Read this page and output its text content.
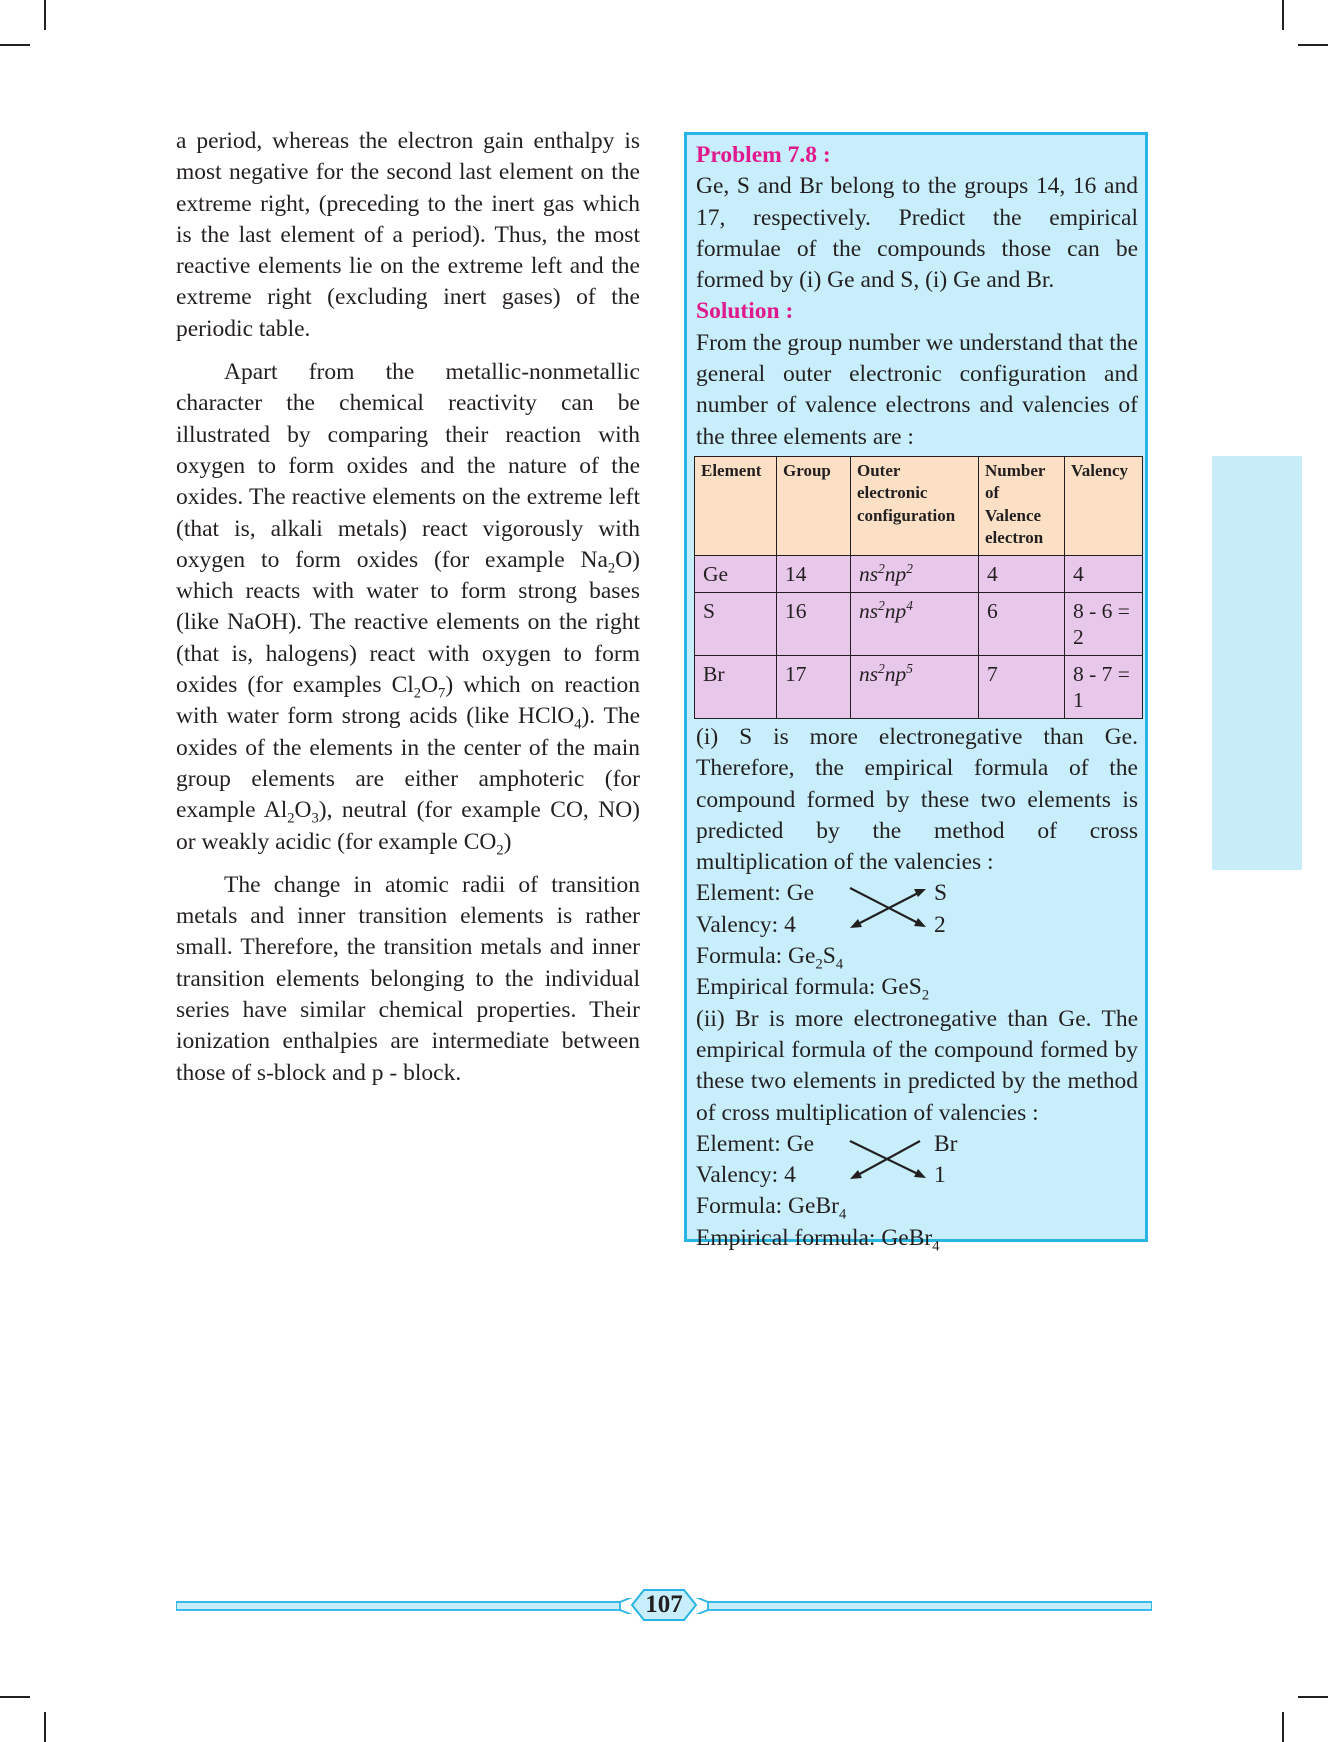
a period, whereas the electron gain enthalpy is most negative for the second last element on the extreme right, (preceding to the inert gas which is the last element of a period). Thus, the most reactive elements lie on the extreme left and the extreme right (excluding inert gases) of the periodic table.

Apart from the metallic-nonmetallic character the chemical reactivity can be illustrated by comparing their reaction with oxygen to form oxides and the nature of the oxides. The reactive elements on the extreme left (that is, alkali metals) react vigorously with oxygen to form oxides (for example $Na_2O$) which reacts with water to form strong bases (like NaOH). The reactive elements on the right (that is, halogens) react with oxygen to form oxides (for examples $Cl_2O_7$) which on reaction with water form strong acids (like HClO$_4$). The oxides of the elements in the center of the main group elements are either amphoteric (for example $Al_2O_3$), neutral (for example CO, NO) or weakly acidic (for example $CO_2$)

The change in atomic radii of transition metals and inner transition elements is rather small. Therefore, the transition metals and inner transition elements belonging to the individual series have similar chemical properties. Their ionization enthalpies are intermediate between those of s-block and p - block.

Problem 7.8 :

Ge, S and Br belong to the groups 14, 16 and 17, respectively. Predict the empirical formulae of the compounds those can be formed by (i) Ge and S, (i) Ge and Br.

Solution :

From the group number we understand that the general outer electronic configuration and number of valence electrons and valencies of the three elements are :

Element	Group	Outer electronic configuration	Number of Valence electron	Valency
Ge	14	$ns^2np^2$	4	4
S	16	$ns^2np^4$	6	8 - 6 = 2
Br	17	$ns^2np^5$	7	8 - 7 = 1

(i) S is more electronegative than Ge. Therefore, the empirical formula of the compound formed by these two elements is predicted by the method of cross multiplication of the valencies :

Element: Ge
Valency: 4
S
2

Formula: $Ge_2S_4$

Empirical formula: GeS$_2$

(ii) Br is more electronegative than Ge. The empirical formula of the compound formed by these two elements in predicted by the method of cross multiplication of valencies :

Element: Ge
Valency: 4
Br
1

Formula: GeBr$_4$

Empirical formula: GeBr$_4$

107
